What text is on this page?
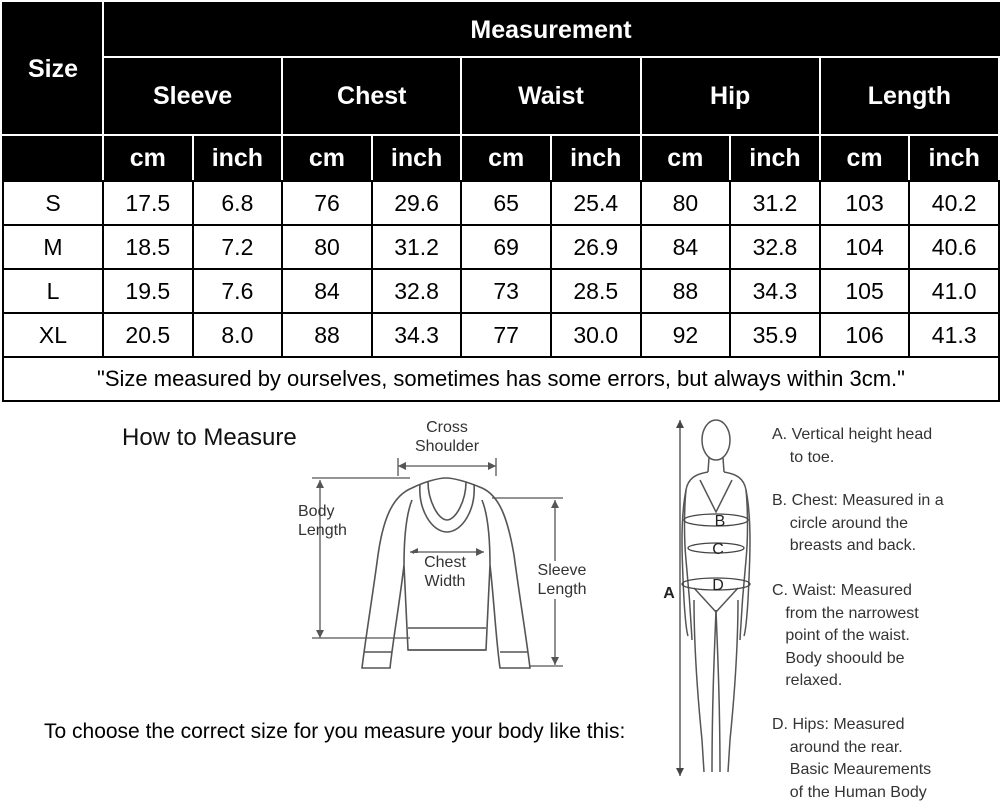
Size	Measurement									
	Sleeve		Chest		Waist		Hip		Length	
	cm	inch	cm	inch	cm	inch	cm	inch	cm	inch
S	17.5	6.8	76	29.6	65	25.4	80	31.2	103	40.2
M	18.5	7.2	80	31.2	69	26.9	84	32.8	104	40.6
L	19.5	7.6	84	32.8	73	28.5	88	34.3	105	41.0
XL	20.5	8.0	88	34.3	77	30.0	92	35.9	106	41.3
"Size measured by ourselves, sometimes has some errors, but always within 3cm."										
How to Measure
To choose the correct size for you measure your body like this:
Cross
Shoulder
Body
Length
Chest
Width
Sleeve
Length	A
B
C
D
A. Vertical height head
to toe.
B. Chest: Measured in a
circle around the
breasts and back.
C. Waist: Measured
from the narrowest
point of the waist.
Body shoould be
relaxed.
D. Hips: Measured
around the rear.
Basic Meaurements
of the Human Body
